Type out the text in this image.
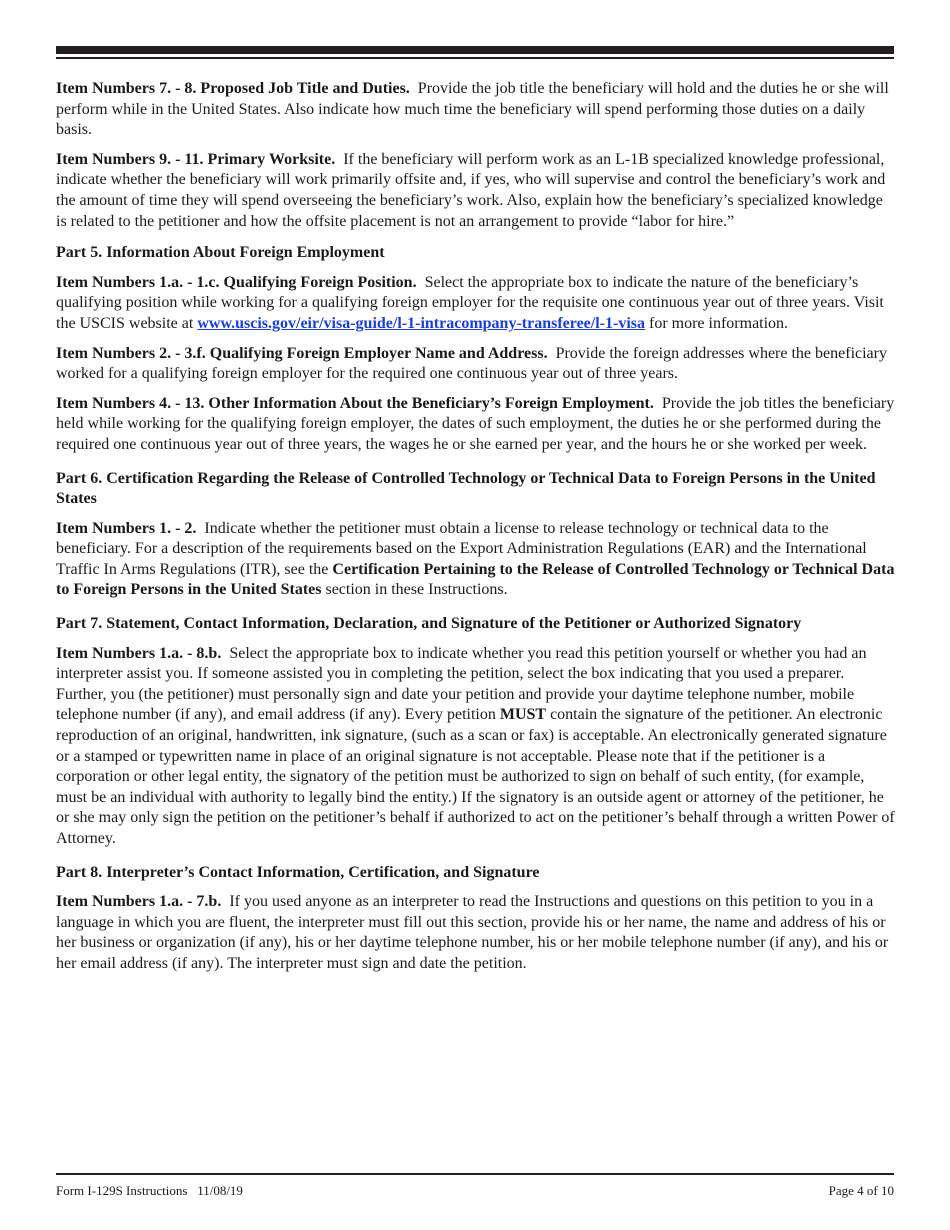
Item Numbers 7. - 8. Proposed Job Title and Duties. Provide the job title the beneficiary will hold and the duties he or she will perform while in the United States. Also indicate how much time the beneficiary will spend performing those duties on a daily basis.

Item Numbers 9. - 11. Primary Worksite. If the beneficiary will perform work as an L-1B specialized knowledge professional, indicate whether the beneficiary will work primarily offsite and, if yes, who will supervise and control the beneficiary’s work and the amount of time they will spend overseeing the beneficiary’s work. Also, explain how the beneficiary’s specialized knowledge is related to the petitioner and how the offsite placement is not an arrangement to provide “labor for hire.”

Part 5. Information About Foreign Employment

Item Numbers 1.a. - 1.c. Qualifying Foreign Position. Select the appropriate box to indicate the nature of the beneficiary’s qualifying position while working for a qualifying foreign employer for the requisite one continuous year out of three years. Visit the USCIS website at www.uscis.gov/eir/visa-guide/l-1-intracompany-transferee/l-1-visa for more information.

Item Numbers 2. - 3.f. Qualifying Foreign Employer Name and Address. Provide the foreign addresses where the beneficiary worked for a qualifying foreign employer for the required one continuous year out of three years.

Item Numbers 4. - 13. Other Information About the Beneficiary’s Foreign Employment. Provide the job titles the beneficiary held while working for the qualifying foreign employer, the dates of such employment, the duties he or she performed during the required one continuous year out of three years, the wages he or she earned per year, and the hours he or she worked per week.

Part 6. Certification Regarding the Release of Controlled Technology or Technical Data to Foreign Persons in the United States

Item Numbers 1. - 2. Indicate whether the petitioner must obtain a license to release technology or technical data to the beneficiary. For a description of the requirements based on the Export Administration Regulations (EAR) and the International Traffic In Arms Regulations (ITR), see the Certification Pertaining to the Release of Controlled Technology or Technical Data to Foreign Persons in the United States section in these Instructions.

Part 7. Statement, Contact Information, Declaration, and Signature of the Petitioner or Authorized Signatory

Item Numbers 1.a. - 8.b. Select the appropriate box to indicate whether you read this petition yourself or whether you had an interpreter assist you. If someone assisted you in completing the petition, select the box indicating that you used a preparer. Further, you (the petitioner) must personally sign and date your petition and provide your daytime telephone number, mobile telephone number (if any), and email address (if any). Every petition MUST contain the signature of the petitioner. An electronic reproduction of an original, handwritten, ink signature, (such as a scan or fax) is acceptable. An electronically generated signature or a stamped or typewritten name in place of an original signature is not acceptable. Please note that if the petitioner is a corporation or other legal entity, the signatory of the petition must be authorized to sign on behalf of such entity, (for example, must be an individual with authority to legally bind the entity.) If the signatory is an outside agent or attorney of the petitioner, he or she may only sign the petition on the petitioner’s behalf if authorized to act on the petitioner’s behalf through a written Power of Attorney.

Part 8. Interpreter’s Contact Information, Certification, and Signature

Item Numbers 1.a. - 7.b. If you used anyone as an interpreter to read the Instructions and questions on this petition to you in a language in which you are fluent, the interpreter must fill out this section, provide his or her name, the name and address of his or her business or organization (if any), his or her daytime telephone number, his or her mobile telephone number (if any), and his or her email address (if any). The interpreter must sign and date the petition.

Form I-129S Instructions   11/08/19	Page 4 of 10
